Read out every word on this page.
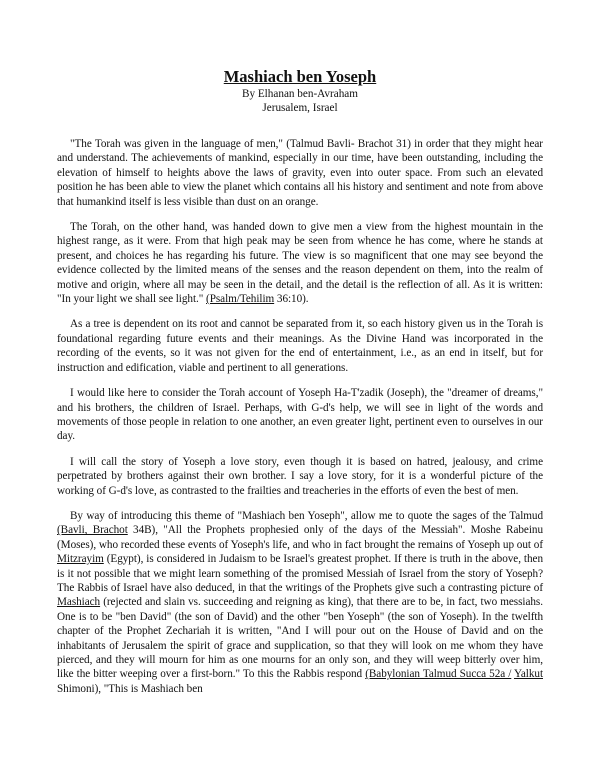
Mashiach ben Yoseph

By Elhanan ben-Avraham

Jerusalem, Israel

"The Torah was given in the language of men," (Talmud Bavli- Brachot 31) in order that they might hear and understand. The achievements of mankind, especially in our time, have been outstanding, including the elevation of himself to heights above the laws of gravity, even into outer space. From such an elevated position he has been able to view the planet which contains all his history and sentiment and note from above that humankind itself is less visible than dust on an orange.

The Torah, on the other hand, was handed down to give men a view from the highest mountain in the highest range, as it were. From that high peak may be seen from whence he has come, where he stands at present, and choices he has regarding his future. The view is so magnificent that one may see beyond the evidence collected by the limited means of the senses and the reason dependent on them, into the realm of motive and origin, where all may be seen in the detail, and the detail is the reflection of all. As it is written: "In your light we shall see light." (Psalm/Tehilim 36:10).

As a tree is dependent on its root and cannot be separated from it, so each history given us in the Torah is foundational regarding future events and their meanings. As the Divine Hand was incorporated in the recording of the events, so it was not given for the end of entertainment, i.e., as an end in itself, but for instruction and edification, viable and pertinent to all generations.

I would like here to consider the Torah account of Yoseph Ha-T'zadik (Joseph), the "dreamer of dreams," and his brothers, the children of Israel. Perhaps, with G-d's help, we will see in light of the words and movements of those people in relation to one another, an even greater light, pertinent even to ourselves in our day.

I will call the story of Yoseph a love story, even though it is based on hatred, jealousy, and crime perpetrated by brothers against their own brother. I say a love story, for it is a wonderful picture of the working of G-d's love, as contrasted to the frailties and treacheries in the efforts of even the best of men.

By way of introducing this theme of "Mashiach ben Yoseph", allow me to quote the sages of the Talmud (Bavli, Brachot 34B), "All the Prophets prophesied only of the days of the Messiah". Moshe Rabeinu (Moses), who recorded these events of Yoseph's life, and who in fact brought the remains of Yoseph up out of Mitzrayim (Egypt), is considered in Judaism to be Israel's greatest prophet. If there is truth in the above, then is it not possible that we might learn something of the promised Messiah of Israel from the story of Yoseph? The Rabbis of Israel have also deduced, in that the writings of the Prophets give such a contrasting picture of Mashiach (rejected and slain vs. succeeding and reigning as king), that there are to be, in fact, two messiahs. One is to be "ben David" (the son of David) and the other "ben Yoseph" (the son of Yoseph). In the twelfth chapter of the Prophet Zechariah it is written, "And I will pour out on the House of David and on the inhabitants of Jerusalem the spirit of grace and supplication, so that they will look on me whom they have pierced, and they will mourn for him as one mourns for an only son, and they will weep bitterly over him, like the bitter weeping over a first-born." To this the Rabbis respond (Babylonian Talmud Succa 52a / Yalkut Shimoni), "This is Mashiach ben
